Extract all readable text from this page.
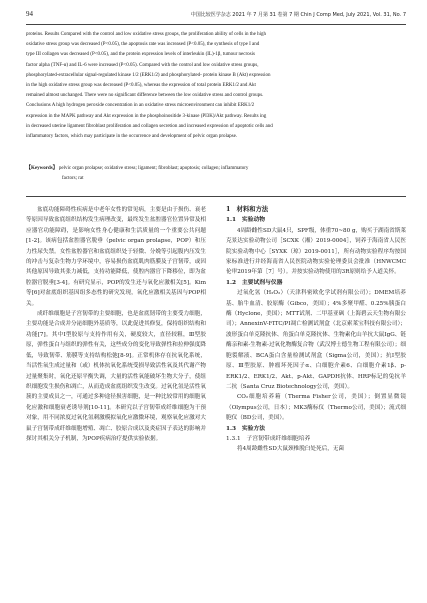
94	中国比较医学杂志 2021 年 7 月第 31 卷第 7 期 Chin J Comp Med, July 2021, Vol. 31, No. 7
proteins. Results Compared with the control and low oxidative stress groups, the proliferation ability of cells in the high
oxidative stress group was decreased (P<0.05), the apoptosis rate was increased (P<0.05), the synthesis of type I and
type III collagen was decreased (P<0.05), and the protein expression levels of interleukin (IL)-1β, tumour necrosis
factor alpha (TNF-α) and IL-6 were increased (P<0.05). Compared with the control and low oxidative stress groups,
phosphorylated-extracellular signal-regulated kinase 1/2 (ERK1/2) and phosphorylated- protein kinase B (Akt) expression
in the high oxidative stress group was decreased (P<0.05), whereas the expression of total protein ERK1/2 and Akt
remained almost unchanged. There were no significant difference between the low oxidative stress and control groups.
Conclusions A high hydrogen peroxide concentration in an oxidative stress microenvironment can inhibit ERK1/2
expression in the MAPK pathway and Akt expression in the phosphoinositide 3-kinase (PI3K)/Akt pathway. Results ing
in decreased uterine ligament fibroblast proliferation and collagen secretion and increased expression of apoptotic cells and
inflammatory factors, which may participate in the occurrence and development of pelvic organ prolapse.
【Keywords】 pelvic organ prolapse; oxidative stress; ligament; fibroblast; apoptosis; collagen; inflammatory
factors; rat

盆底功能障碍性疾病是中老年女性的常见病，主要是由于损伤、衰老等原因导致盆底组织结构发生病理改变，最终发生盆腔器官位置异常及相应器官功能障碍，是影响女性身心健康和生活质量的一个重要公共问题[1-2]。该病包括盆腔器官脱垂（pelvic organ prolapse，POP）和压力性尿失禁。女性盆腔器官和盆底组织处于轻微、分娩等引起腹内压发生的冲击与复杂生物力学环境中，容易损伤盆底肌肉筋膜及子宫韧带，或因其他原因导致其张力减低，支持功能降低，使腔内器官下降移位，即为盆腔器官脱垂[3-4]。有研究显示，POP的发生还与氧化应激相关[5]。Kim等[6]对盆底组织基因组多态性的研究发现，氧化应激相关基因与POP相关。

成纤维细胞是子宫韧带的主要细胞，也是盆底韧带的主要受力细胞，主要功能是合成并分泌细胞外基质等，以此促进其修复，保持组织结构和功能[7]。其中Ⅰ型胶原与支持作用有关，硬度较大，直径较粗，Ⅲ型胶原，弹性蛋白与组织的弹性有关，这些成分的变化导致弹性和拉伸强度降低，导致韧带、筋膜等支持结构松弛[8-9]。正常机体存在抗氧化系统，当活性氧生成过量和（或）机体抗氧化系统受损导致活性氧及其代谢产物过量聚集时，氧化还原平衡失调，大量的活性氧能破坏生物大分子，使组织细胞发生损伤和凋亡，从而造成盆底组织发生改变。过氧化氢是活性氧簇的主要成员之一，可通过多种途径损害细胞，是一种比较常用的细胞氧化应激和细胞衰老诱导剂[10-11]。本研究以子宫韧带成纤维细胞为干预对象，用不同浓度过氧化氢刺激模拟氧化应激微环境，观察氧化应激对大鼠子宫韧带成纤维细胞增殖、凋亡、胶原合成以及炎症因子表达的影响并探讨其相关分子机制，为POP疾病治疗提供实验依据。

1　材料和方法

1.1　实验动物

4周龄雌性SD大鼠4只，SPF级，体重70~80 g，购买于湖南省斯莱克景达实验动物公司［SCXK（湘）2019-0004］，饲养于海南省人民医院实验动物中心［SYXK（琼）2019-0011］，所有动物实验程序均按国家标准进行并经海南省人民医院动物实验伦理委员会批准（HNWCMC伦审2019年第［7］号）。并按实验动物使用的3R原则给予人道关怀。

1.2　主要试剂与仪器

过氧化氢（H₂O₂）（天津科密欧化学试剂有限公司）；DMEM培养基、胎牛血清、胶原酶（Gibco，美国）；4%多聚甲醛、0.25%胰蛋白酶（Hyclone，美国）；MTT试剂、二甲基亚砜（上海碧云天生物有限公司）；AnnexinV-FITC/PI凋亡检测试剂盒（北京索莱宝科技有限公司）；波形蛋白单克隆抗体、角蛋白单克隆抗体、生物素化山羊抗大鼠IgG、链酶亲和素-生物素-过氧化物酶复合物（武汉博士德生物工程有限公司）；细胞裂解液、BCA蛋白含量检测试剂盒（Sigma公司，美国）；抗Ⅰ型胶原、Ⅲ型胶原、肿瘤坏死因子α、白细胞介素6、白细胞介素1β、p-ERK1/2、ERK1/2、Akt、p-Akt、GAPDH抗体、HRP标记的兔抗羊二抗（Santa Cruz Biotechnology公司，美国）。

CO₂细胞培养箱（Therma Fisher公司，美国）；倒置显微镜（Olympus公司，日本）；MK3酶标仪（Thermo公司，美国）；流式细胞仪（BD公司，美国）。

1.3　实验方法

1.3.1　子宫韧带成纤维细胞培养

将4周龄雌性SD大鼠颈椎脱臼处死后，无菌
